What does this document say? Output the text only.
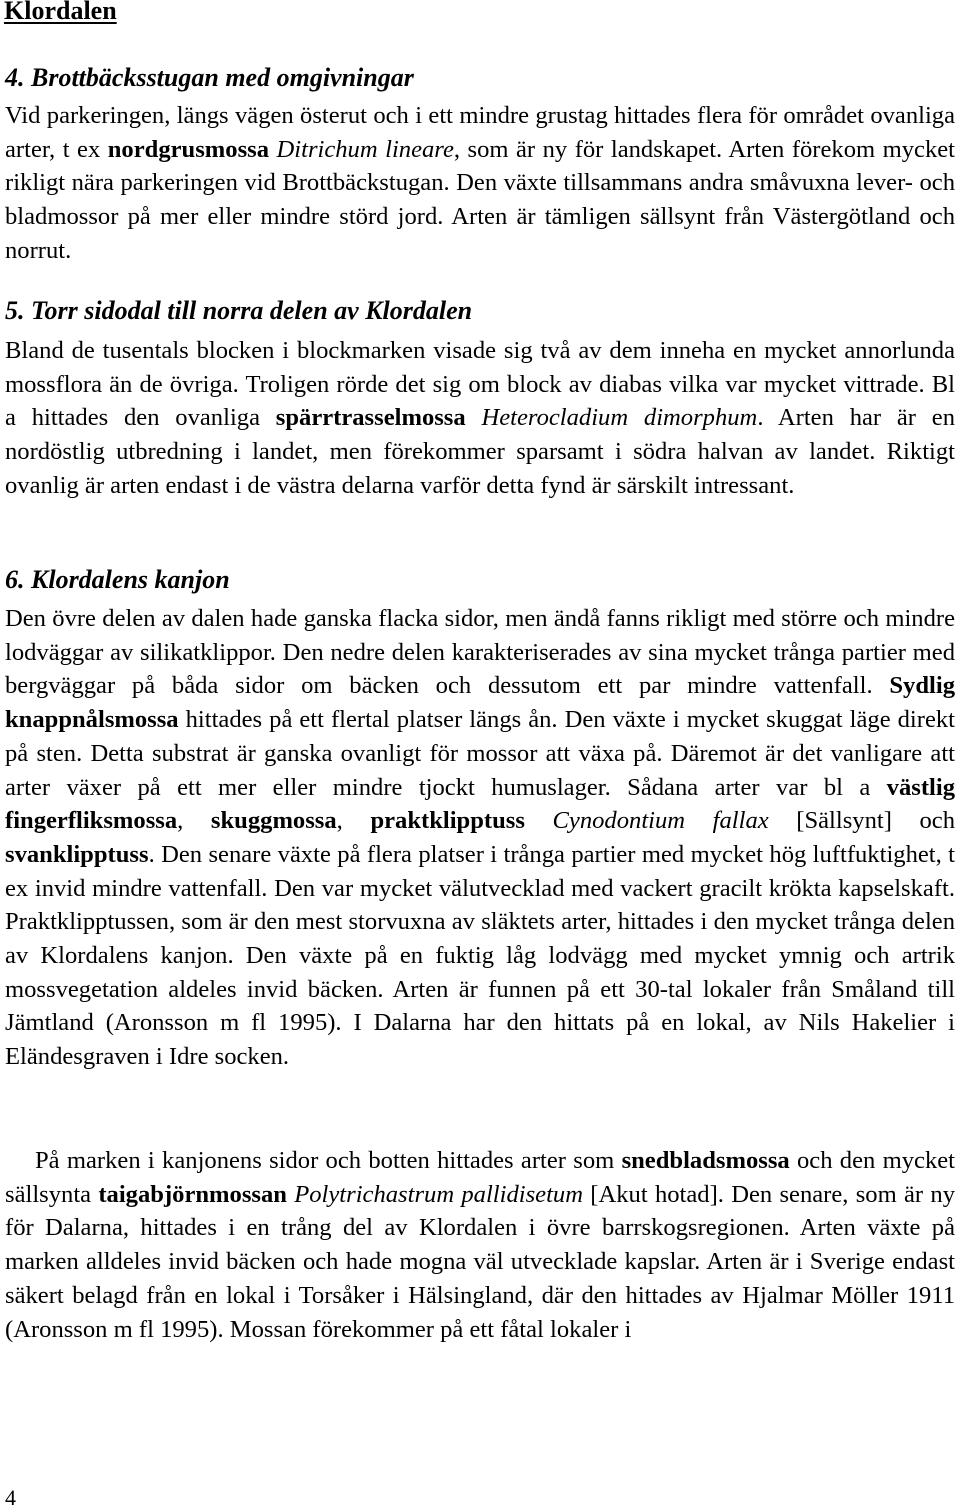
Klordalen
4. Brottbäcksstugan med omgivningar

Vid parkeringen, längs vägen österut och i ett mindre grustag hittades flera för området ovanliga arter, t ex nordgrusmossa Ditrichum lineare, som är ny för landskapet. Arten förekom mycket rikligt nära parkeringen vid Brottbäckstugan. Den växte tillsammans andra småvuxna lever- och bladmossor på mer eller mindre störd jord. Arten är tämligen sällsynt från Västergötland och norrut.

5. Torr sidodal till norra delen av Klordalen

Bland de tusentals blocken i blockmarken visade sig två av dem inneha en mycket annorlunda mossflora än de övriga. Troligen rörde det sig om block av diabas vilka var mycket vittrade. Bl a hittades den ovanliga spärrtrasselmossa Heterocladium dimorphum. Arten har är en nordöstlig utbredning i landet, men förekommer sparsamt i södra halvan av landet. Riktigt ovanlig är arten endast i de västra delarna varför detta fynd är särskilt intressant.

6. Klordalens kanjon

Den övre delen av dalen hade ganska flacka sidor, men ändå fanns rikligt med större och mindre lodväggar av silikatklippor. Den nedre delen karakteriserades av sina mycket trånga partier med bergväggar på båda sidor om bäcken och dessutom ett par mindre vattenfall. Sydlig knappnålsmossa hittades på ett flertal platser längs ån. Den växte i mycket skuggat läge direkt på sten. Detta substrat är ganska ovanligt för mossor att växa på. Däremot är det vanligare att arter växer på ett mer eller mindre tjockt humuslager. Sådana arter var bl a västlig fingerfliksmossa, skuggmossa, praktklipptuss Cynodontium fallax [Sällsynt] och svanklipptuss. Den senare växte på flera platser i trånga partier med mycket hög luftfuktighet, t ex invid mindre vattenfall. Den var mycket välutvecklad med vackert gracilt krökta kapselskaft. Praktklipptussen, som är den mest storvuxna av släktets arter, hittades i den mycket trånga delen av Klordalens kanjon. Den växte på en fuktig låg lodvägg med mycket ymnig och artrik mossvegetation aldeles invid bäcken. Arten är funnen på ett 30-tal lokaler från Småland till Jämtland (Aronsson m fl 1995). I Dalarna har den hittats på en lokal, av Nils Hakelier i Eländesgraven i Idre socken.

På marken i kanjonens sidor och botten hittades arter som snedbladsmossa och den mycket sällsynta taigabjörnmossan Polytrichastrum pallidisetum [Akut hotad]. Den senare, som är ny för Dalarna, hittades i en trång del av Klordalen i övre barrskogsregionen. Arten växte på marken alldeles invid bäcken och hade mogna väl utvecklade kapslar. Arten är i Sverige endast säkert belagd från en lokal i Torsåker i Hälsingland, där den hittades av Hjalmar Möller 1911 (Aronsson m fl 1995). Mossan förekommer på ett fåtal lokaler i

4
